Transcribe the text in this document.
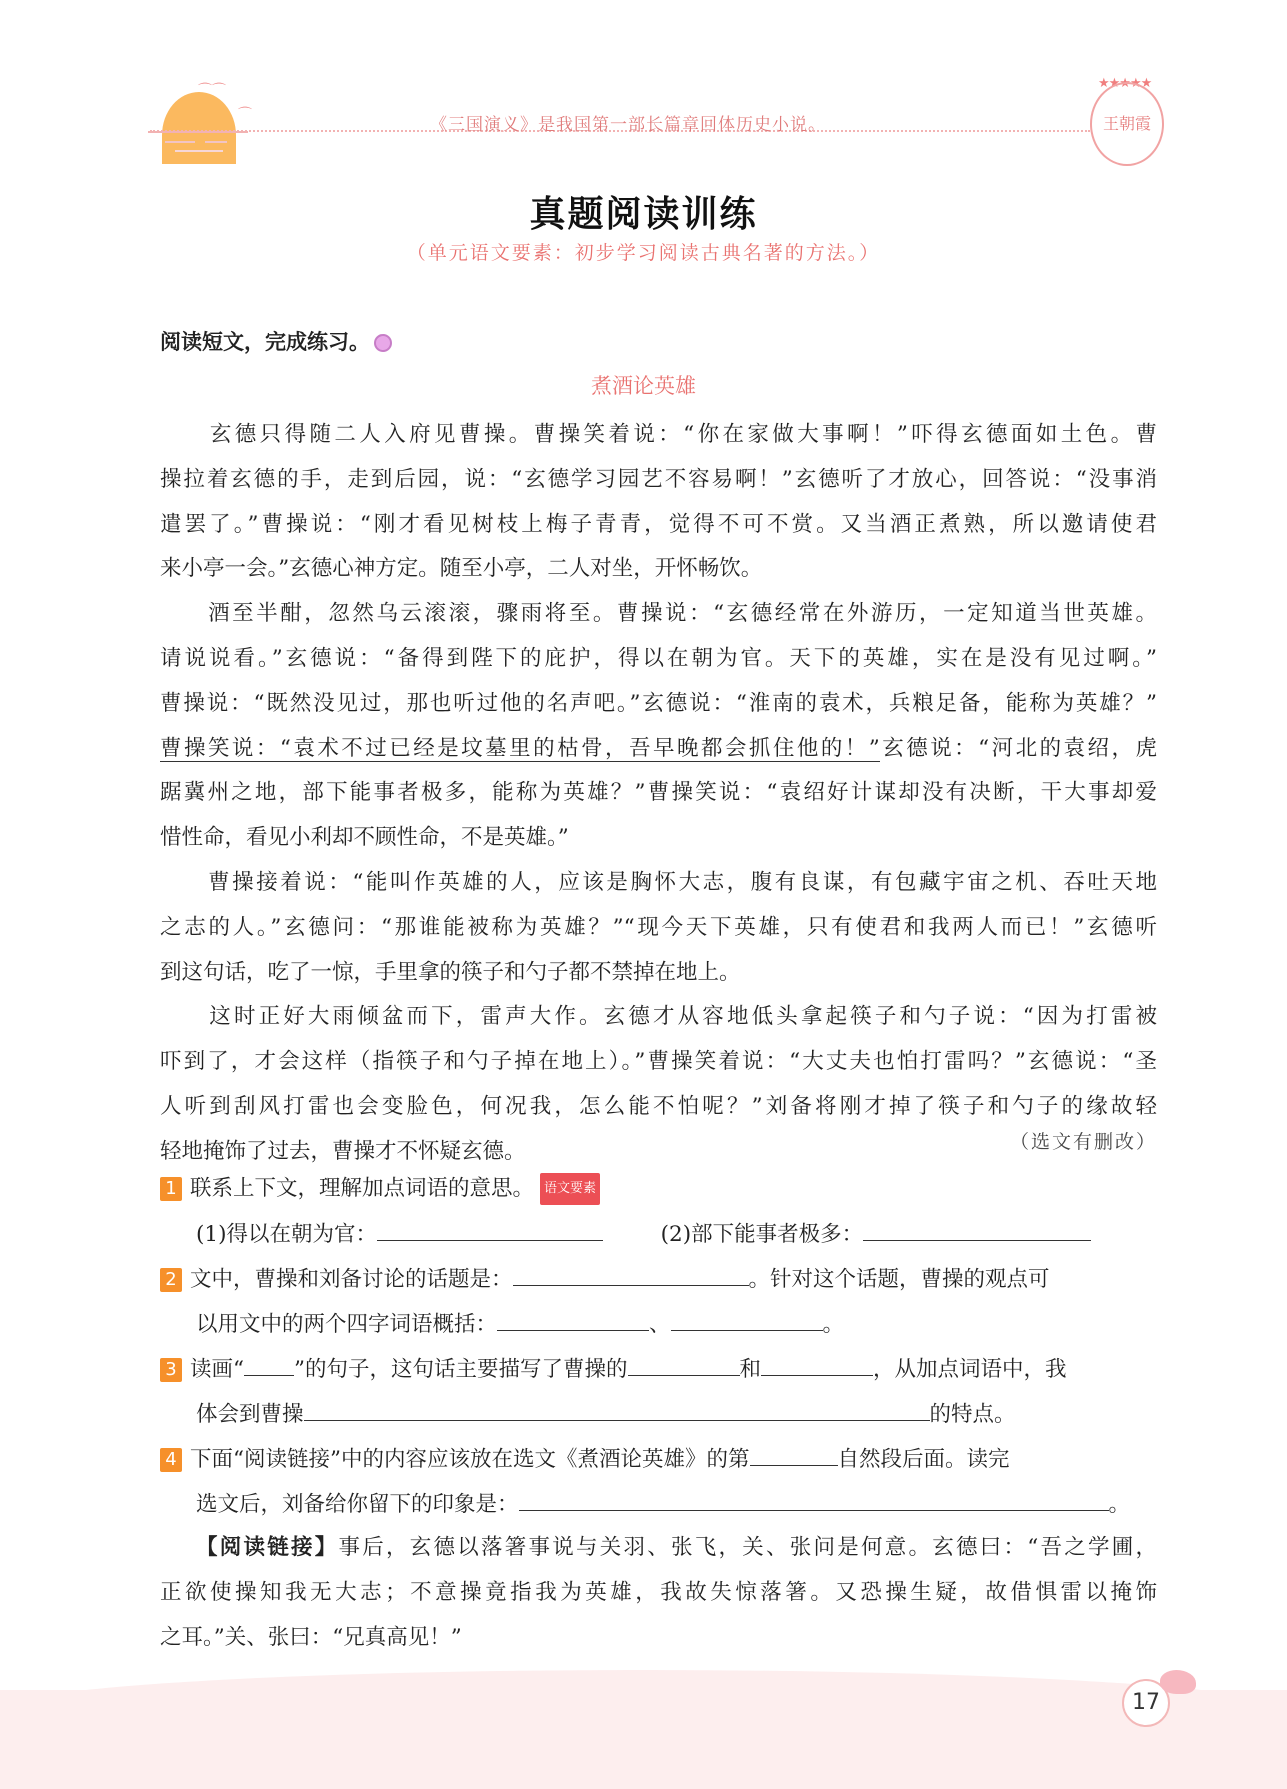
⌒⌒
⌒	《三国演义》是我国第一部长篇章回体历史小说。
★★★★★
王朝霞
真题阅读训练
（单元语文要素：初步学习阅读古典名著的方法。）
阅读短文，完成练习。
煮酒论英雄
　　玄德只得随二人入府见曹操。曹操笑着说：“你在家做大事啊！”吓得玄德面如土色。曹
操拉着玄德的手，走到后园，说：“玄德学习园艺不容易啊！”玄德听了才放心，回答说：“没事消
遣罢了。”曹操说：“刚才看见树枝上梅子青青，觉得不可不赏。又当酒正煮熟，所以邀请使君
来小亭一会。”玄德心神方定。随至小亭，二人对坐，开怀畅饮。
　　酒至半酣，忽然乌云滚滚，骤雨将至。曹操说：“玄德经常在外游历，一定知道当世英雄。
请说说看。”玄德说：“备得到陛下的庇护，得以在朝为官。天下的英雄，实在是没有见过啊。”
曹操说：“既然没见过，那也听过他的名声吧。”玄德说：“淮南的袁术，兵粮足备，能称为英雄？”
曹操笑说：“袁术不过已经是坟墓里的枯骨，吾早晚都会抓住他的！”玄德说：“河北的袁绍，虎
踞冀州之地，部下能事者极多，能称为英雄？”曹操笑说：“袁绍好计谋却没有决断，干大事却爱
惜性命，看见小利却不顾性命，不是英雄。”
　　曹操接着说：“能叫作英雄的人，应该是胸怀大志，腹有良谋，有包藏宇宙之机、吞吐天地
之志的人。”玄德问：“那谁能被称为英雄？”“现今天下英雄，只有使君和我两人而已！”玄德听
到这句话，吃了一惊，手里拿的筷子和勺子都不禁掉在地上。
　　这时正好大雨倾盆而下，雷声大作。玄德才从容地低头拿起筷子和勺子说：“因为打雷被
吓到了，才会这样（指筷子和勺子掉在地上）。”曹操笑着说：“大丈夫也怕打雷吗？”玄德说：“圣
人听到刮风打雷也会变脸色，何况我，怎么能不怕呢？”刘备将刚才掉了筷子和勺子的缘故轻
轻地掩饰了过去，曹操才不怀疑玄德。	（选文有删改）
1 联系上下文，理解加点词语的意思。 语文要素
(1)得以在朝为官：	(2)部下能事者极多：
2 文中，曹操和刘备讨论的话题是：	。针对这个话题，曹操的观点可
以用文中的两个四字词语概括：	、	。
3 读画“ ”的句子，这句话主要描写了曹操的	和	，从加点词语中，我
体会到曹操	的特点。
4 下面“阅读链接”中的内容应该放在选文《煮酒论英雄》的第	自然段后面。读完
选文后，刘备给你留下的印象是：	。
【阅读链接】事后，玄德以落箸事说与关羽、张飞，关、张问是何意。玄德曰：“吾之学圃，
正欲使操知我无大志；不意操竟指我为英雄，我故失惊落箸。又恐操生疑，故借惧雷以掩饰
之耳。”关、张曰：“兄真高见！”
17
